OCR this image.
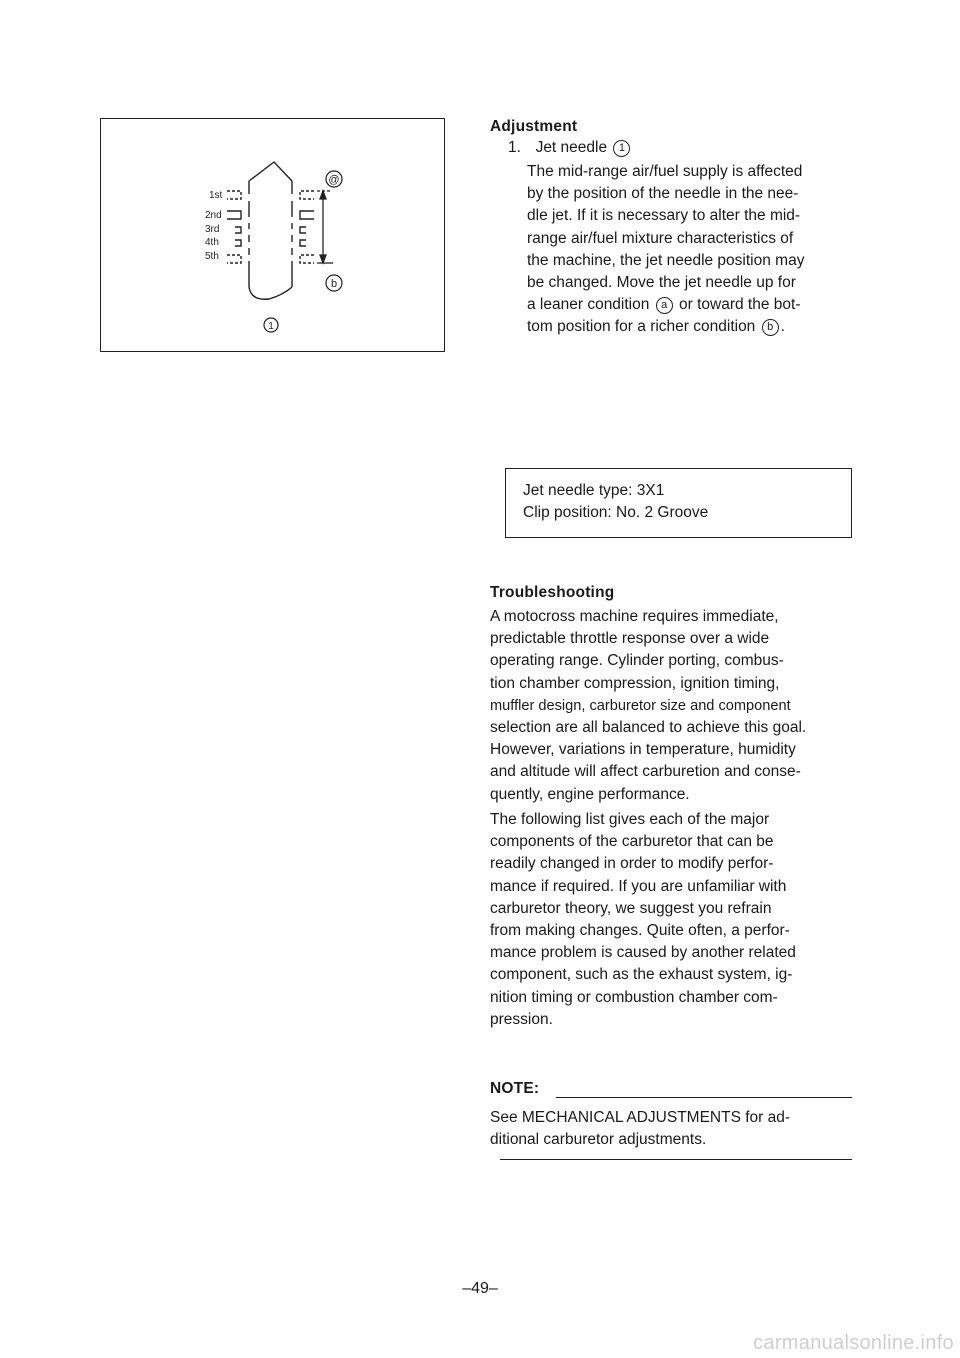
1st
2nd
3rd
4th
5th
@
b
1
Adjustment
1. Jet needle 1
The mid-range air/fuel supply is affected
by the position of the needle in the nee-
dle jet. If it is necessary to alter the mid-
range air/fuel mixture characteristics of
the machine, the jet needle position may
be changed. Move the jet needle up for
a leaner condition a or toward the bot-
tom position for a richer condition b .
Jet needle type: 3X1
Clip position: No. 2 Groove
Troubleshooting
A motocross machine requires immediate,
predictable throttle response over a wide
operating range. Cylinder porting, combus-
tion chamber compression, ignition timing,
muffler design, carburetor size and component
selection are all balanced to achieve this goal.
However, variations in temperature, humidity
and altitude will affect carburetion and conse-
quently, engine performance.
The following list gives each of the major
components of the carburetor that can be
readily changed in order to modify perfor-
mance if required. If you are unfamiliar with
carburetor theory, we suggest you refrain
from making changes. Quite often, a perfor-
mance problem is caused by another related
component, such as the exhaust system, ig-
nition timing or combustion chamber com-
pression.
NOTE:
See MECHANICAL ADJUSTMENTS for ad-
ditional carburetor adjustments.
–49–
carmanualsonline.info
